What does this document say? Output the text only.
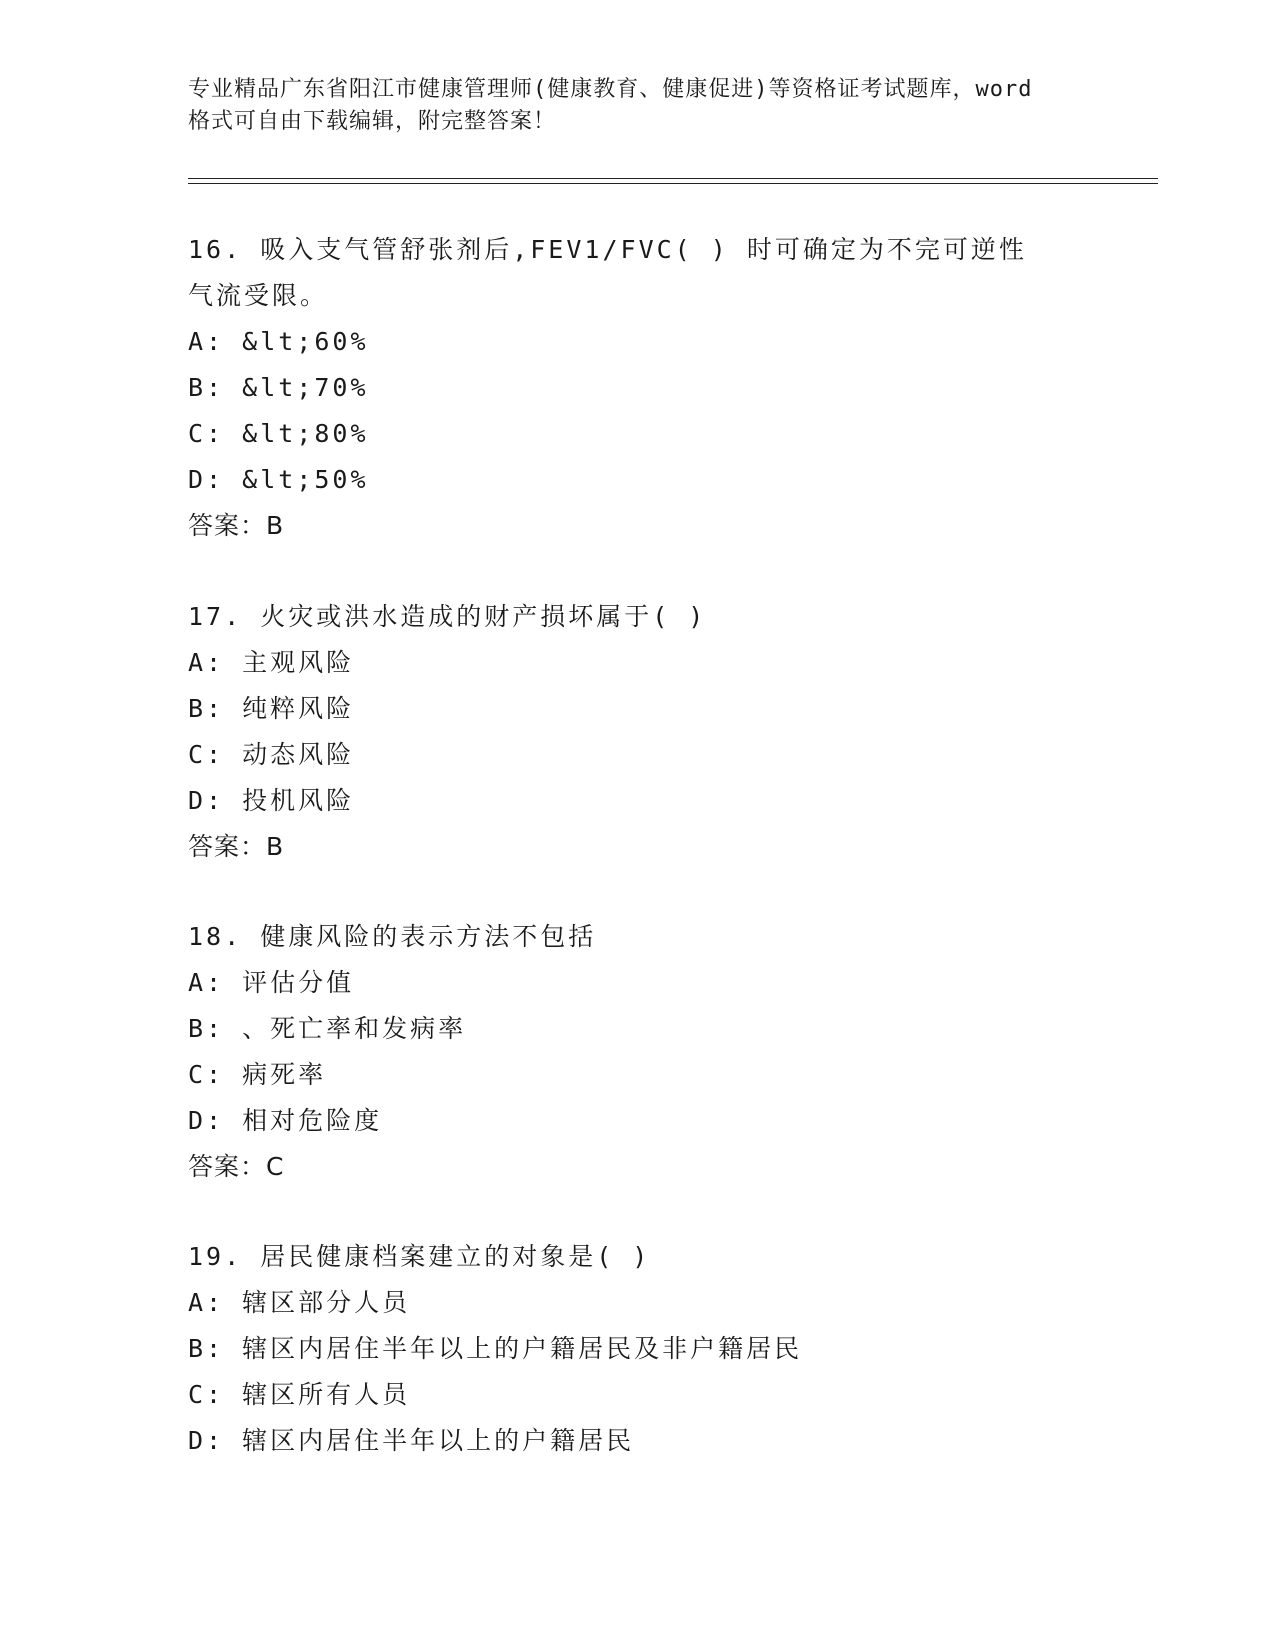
专业精品广东省阳江市健康管理师(健康教育、健康促进)等资格证考试题库，word
格式可自由下载编辑，附完整答案！
16. 吸入支气管舒张剂后,FEV1/FVC( ) 时可确定为不完可逆性
气流受限。
A: &lt;60%
B: &lt;70%
C: &lt;80%
D: &lt;50%
答案：B
17. 火灾或洪水造成的财产损坏属于( )
A: 主观风险
B: 纯粹风险
C: 动态风险
D: 投机风险
答案：B
18. 健康风险的表示方法不包括
A: 评估分值
B: 、死亡率和发病率
C: 病死率
D: 相对危险度
答案：C
19. 居民健康档案建立的对象是( )
A: 辖区部分人员
B: 辖区内居住半年以上的户籍居民及非户籍居民
C: 辖区所有人员
D: 辖区内居住半年以上的户籍居民
